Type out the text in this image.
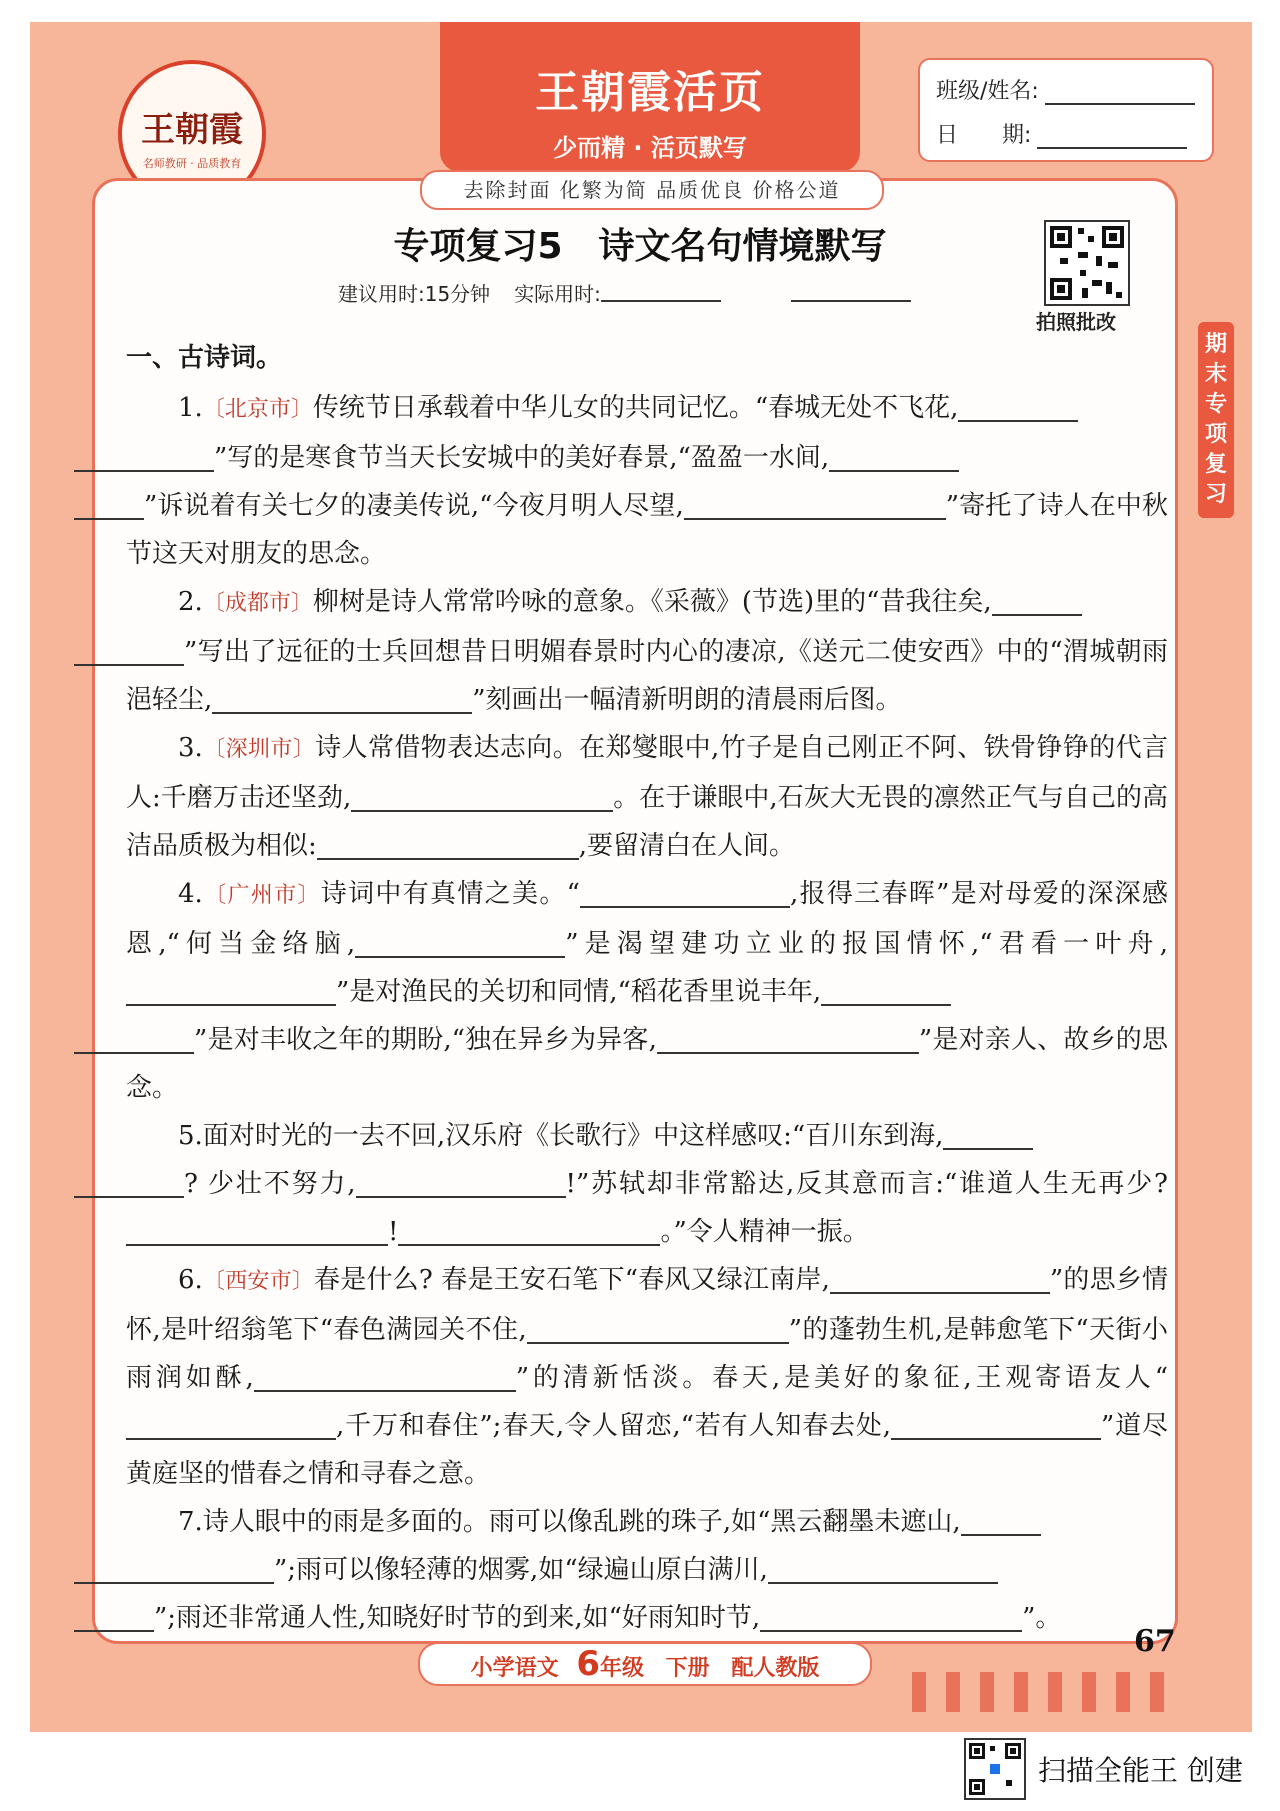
王朝霞
名师教研 · 品质教育
王朝霞活页
少而精 · 活页默写
班级/姓名:
日　　期:
去除封面 化繁为简 品质优良 价格公道
专项复习5　诗文名句情境默写
建议用时:15分钟 实际用时:
拍照批改
期末专项复习
一、古诗词。

1.〔北京市〕传统节日承载着中华儿女的共同记忆。“春城无处不飞花,
”写的是寒食节当天长安城中的美好春景,“盈盈一水间,
”诉说着有关七夕的凄美传说,“今夜月明人尽望,	”寄托了诗人在中秋节这天对朋友的思念。

2.〔成都市〕柳树是诗人常常吟咏的意象。《采薇》(节选)里的“昔我往矣,
”写出了远征的士兵回想昔日明媚春景时内心的凄凉,《送元二使安西》中的“渭城朝雨浥轻尘,	”刻画出一幅清新明朗的清晨雨后图。

3.〔深圳市〕诗人常借物表达志向。在郑燮眼中,竹子是自己刚正不阿、铁骨铮铮的代言人:千磨万击还坚劲,	。在于谦眼中,石灰大无畏的凛然正气与自己的高洁品质极为相似:	,要留清白在人间。

4.〔广州市〕诗词中有真情之美。“	,报得三春晖”是对母爱的深深感恩,“何当金络脑,	”是渴望建功立业的报国情怀,“君看一叶舟,”是对渔民的关切和同情,“稻花香里说丰年,
”是对丰收之年的期盼,“独在异乡为异客,	”是对亲人、故乡的思念。

5.面对时光的一去不回,汉乐府《长歌行》中这样感叹:“百川东到海,
? 少壮不努力,	!”苏轼却非常豁达,反其意而言:“谁道人生无再少?!	。”令人精神一振。

6.〔西安市〕春是什么? 春是王安石笔下“春风又绿江南岸,	”的思乡情怀,是叶绍翁笔下“春色满园关不住,	”的蓬勃生机,是韩愈笔下“天街小雨润如酥,	”的清新恬淡。春天,是美好的象征,王观寄语友人“,千万和春住”;春天,令人留恋,“若有人知春去处,	”道尽黄庭坚的惜春之情和寻春之意。

7.诗人眼中的雨是多面的。雨可以像乱跳的珠子,如“黑云翻墨未遮山,
”;雨可以像轻薄的烟雾,如“绿遍山原白满川,
”;雨还非常通人性,知晓好时节的到来,如“好雨知时节,	”。

67
小学语文 6年级 下册 配人教版
扫描全能王 创建
